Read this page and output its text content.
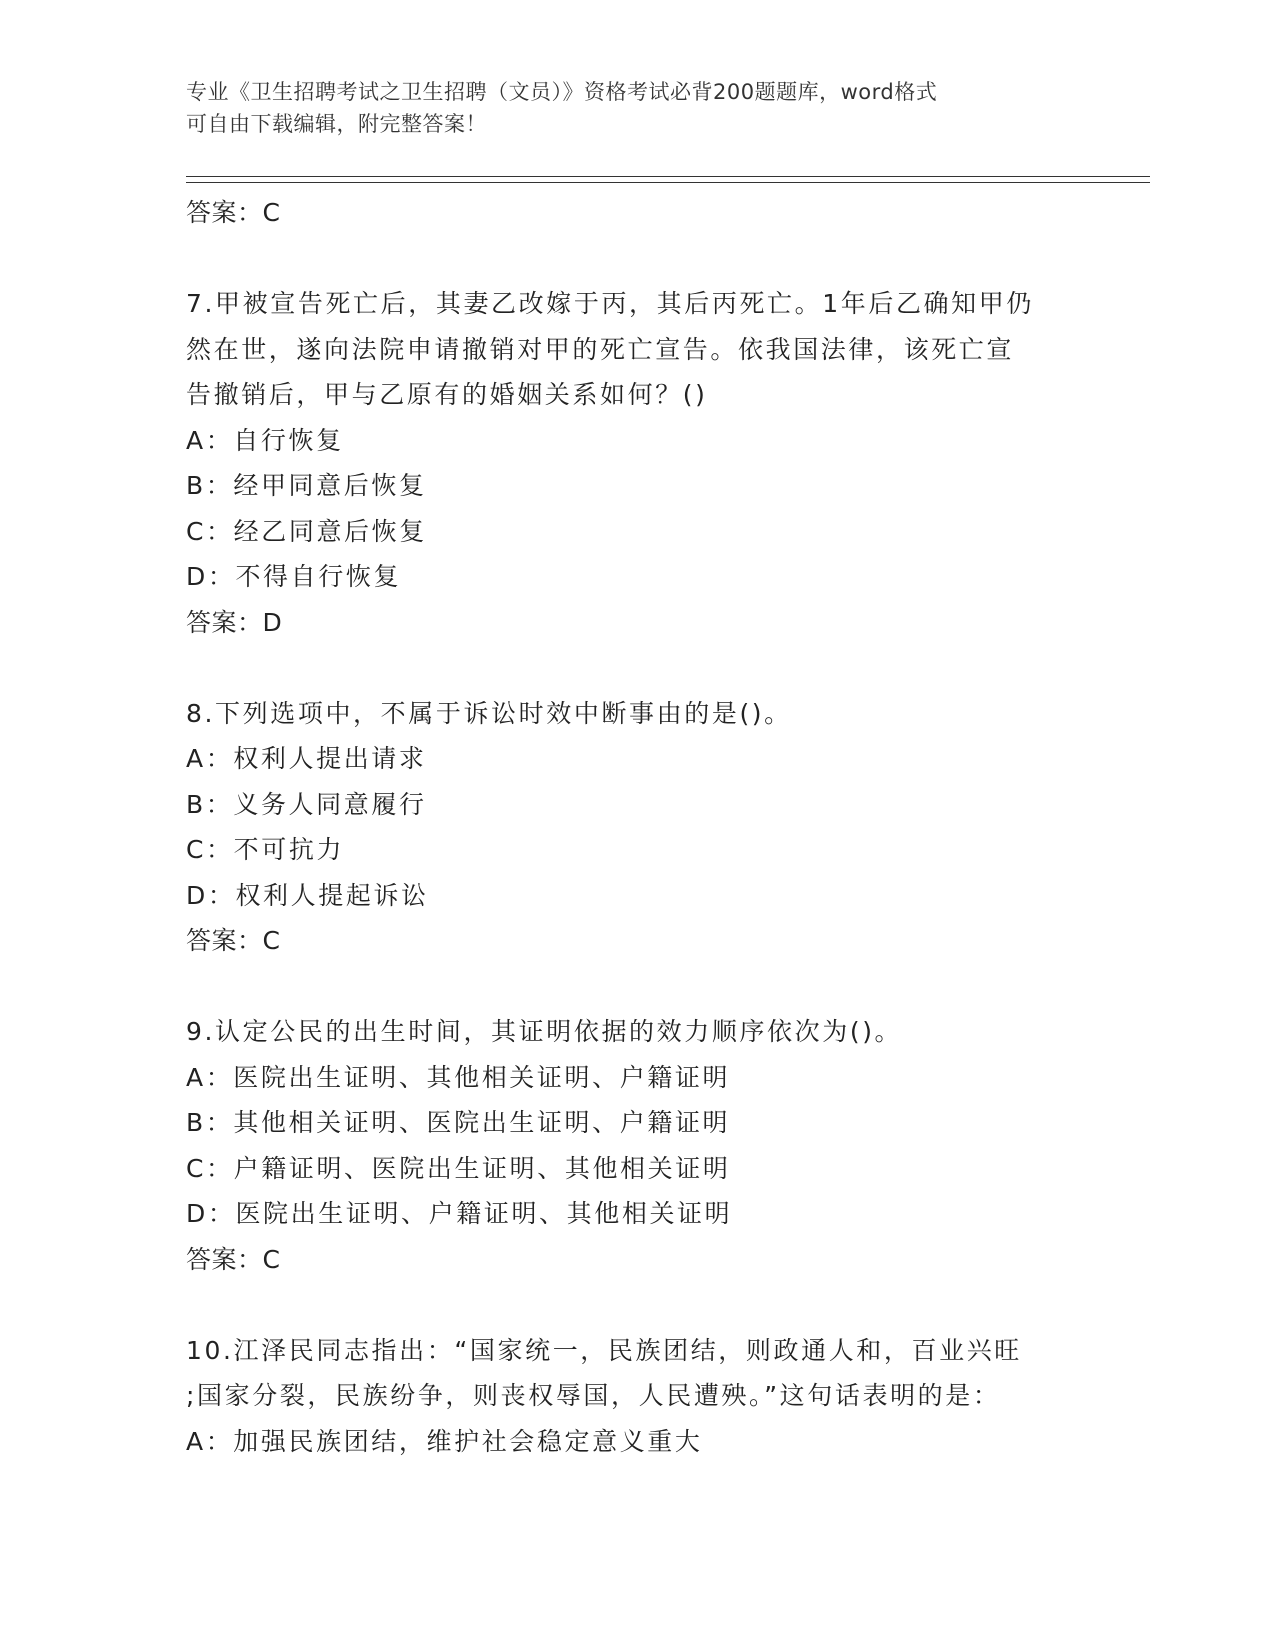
专业《卫生招聘考试之卫生招聘（文员）》资格考试必背200题题库，word格式
可自由下载编辑，附完整答案！
答案：C
7.甲被宣告死亡后，其妻乙改嫁于丙，其后丙死亡。1年后乙确知甲仍
然在世，遂向法院申请撤销对甲的死亡宣告。依我国法律，该死亡宣
告撤销后，甲与乙原有的婚姻关系如何？()
A：自行恢复
B：经甲同意后恢复
C：经乙同意后恢复
D：不得自行恢复
答案：D
8.下列选项中，不属于诉讼时效中断事由的是()。
A：权利人提出请求
B：义务人同意履行
C：不可抗力
D：权利人提起诉讼
答案：C
9.认定公民的出生时间，其证明依据的效力顺序依次为()。
A：医院出生证明、其他相关证明、户籍证明
B：其他相关证明、医院出生证明、户籍证明
C：户籍证明、医院出生证明、其他相关证明
D：医院出生证明、户籍证明、其他相关证明
答案：C
10.江泽民同志指出：“国家统一，民族团结，则政通人和，百业兴旺
;国家分裂，民族纷争，则丧权辱国，人民遭殃。”这句话表明的是：
A：加强民族团结，维护社会稳定意义重大
